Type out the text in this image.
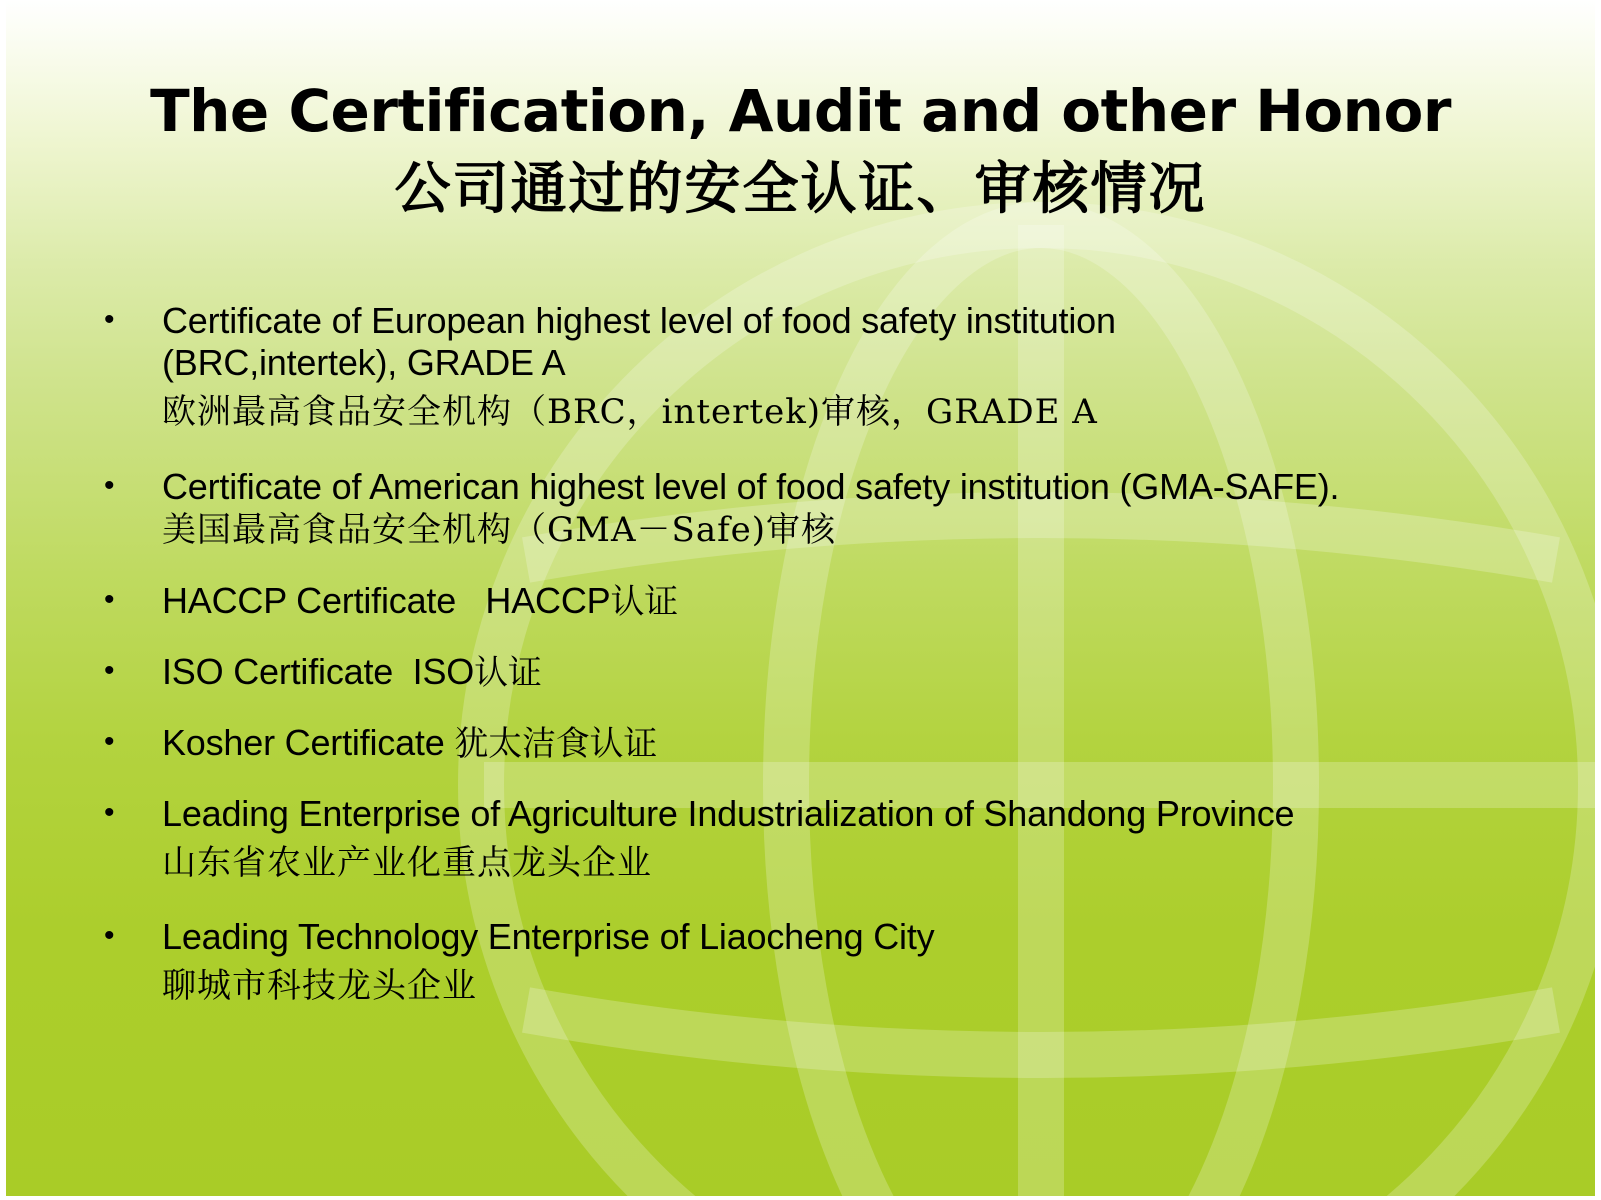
The Certification, Audit and other Honor
公司通过的安全认证、审核情况
• Certificate of European highest level of food safety institution
(BRC,intertek), GRADE A
欧洲最高食品安全机构（BRC，intertek)审核，GRADE A
• Certificate of American highest level of food safety institution (GMA-SAFE).
美国最高食品安全机构（GMA－Safe)审核
• HACCP Certificate   HACCP认证
• ISO Certificate  ISO认证
• Kosher Certificate 犹太洁食认证
• Leading Enterprise of Agriculture Industrialization of Shandong Province
山东省农业产业化重点龙头企业
• Leading Technology Enterprise of Liaocheng City
聊城市科技龙头企业
